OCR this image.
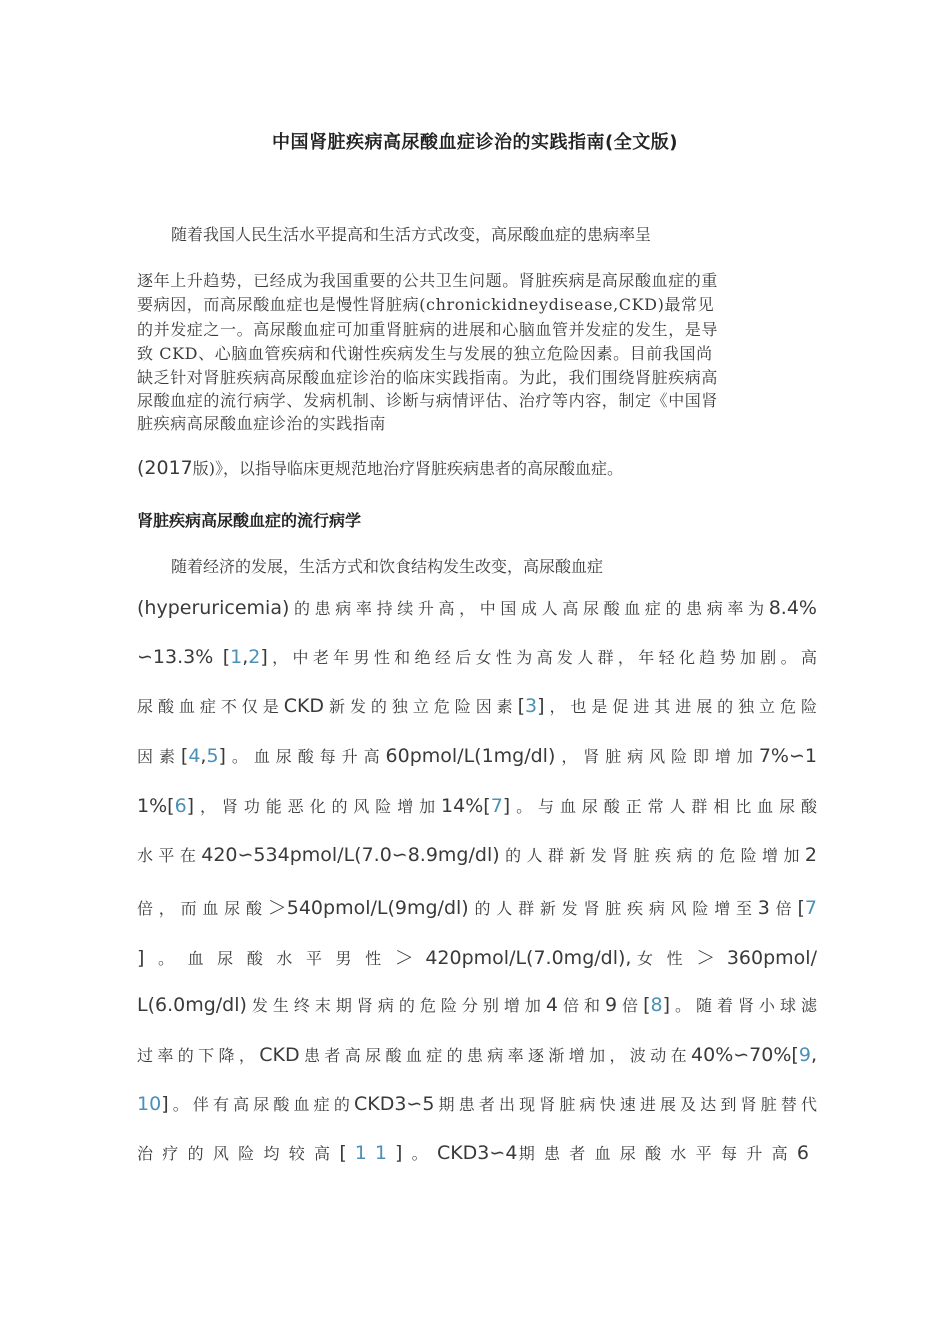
中国肾脏疾病高尿酸血症诊治的实践指南(全文版)
随着我国人民生活水平提高和生活方式改变，高尿酸血症的患病率呈
逐年上升趋势，已经成为我国重要的公共卫生问题。肾脏疾病是高尿酸血症的重
要病因，而高尿酸血症也是慢性肾脏病(chronickidneydisease,CKD)最常见
的并发症之一。高尿酸血症可加重肾脏病的进展和心脑血管并发症的发生，是导
致 CKD、心脑血管疾病和代谢性疾病发生与发展的独立危险因素。目前我国尚
缺乏针对肾脏疾病高尿酸血症诊治的临床实践指南。为此，我们围绕肾脏疾病高
尿酸血症的流行病学、发病机制、诊断与病情评估、治疗等内容，制定《中国肾
脏疾病高尿酸血症诊治的实践指南
(2017版)》，以指导临床更规范地治疗肾脏疾病患者的高尿酸血症。
肾脏疾病高尿酸血症的流行病学
随着经济的发展，生活方式和饮食结构发生改变，高尿酸血症
(hyperuricemia)的患病率持续升高，中国成人高尿酸血症的患病率为8.4%
∽13.3% [1,2]，中老年男性和绝经后女性为高发人群，年轻化趋势加剧。高
尿酸血症不仅是CKD新发的独立危险因素[3]，也是促进其进展的独立危险
因素[4,5]。血尿酸每升高60pmol/L(1mg/dl)，肾脏病风险即增加7%∽1
1%[6]，肾功能恶化的风险增加14%[7]。与血尿酸正常人群相比血尿酸
水平在420∽534pmol/L(7.0∽8.9mg/dl)的人群新发肾脏疾病的危险增加2
倍，而血尿酸＞540pmol/L(9mg/dl)的人群新发肾脏疾病风险增至3倍[7
]。血尿酸水平男性＞ 420pmol/L(7.0mg/dl),女性＞ 360pmol/
L(6.0mg/dl)发生终末期肾病的危险分别增加4倍和9倍[8]。随着肾小球滤
过率的下降，CKD患者高尿酸血症的患病率逐渐增加，波动在40%∽70%[9,
10]。伴有高尿酸血症的CKD3∽5期患者出现肾脏病快速进展及达到肾脏替代
治疗的风险均较高[11]。CKD3∽4期患者血尿酸水平每升高6
